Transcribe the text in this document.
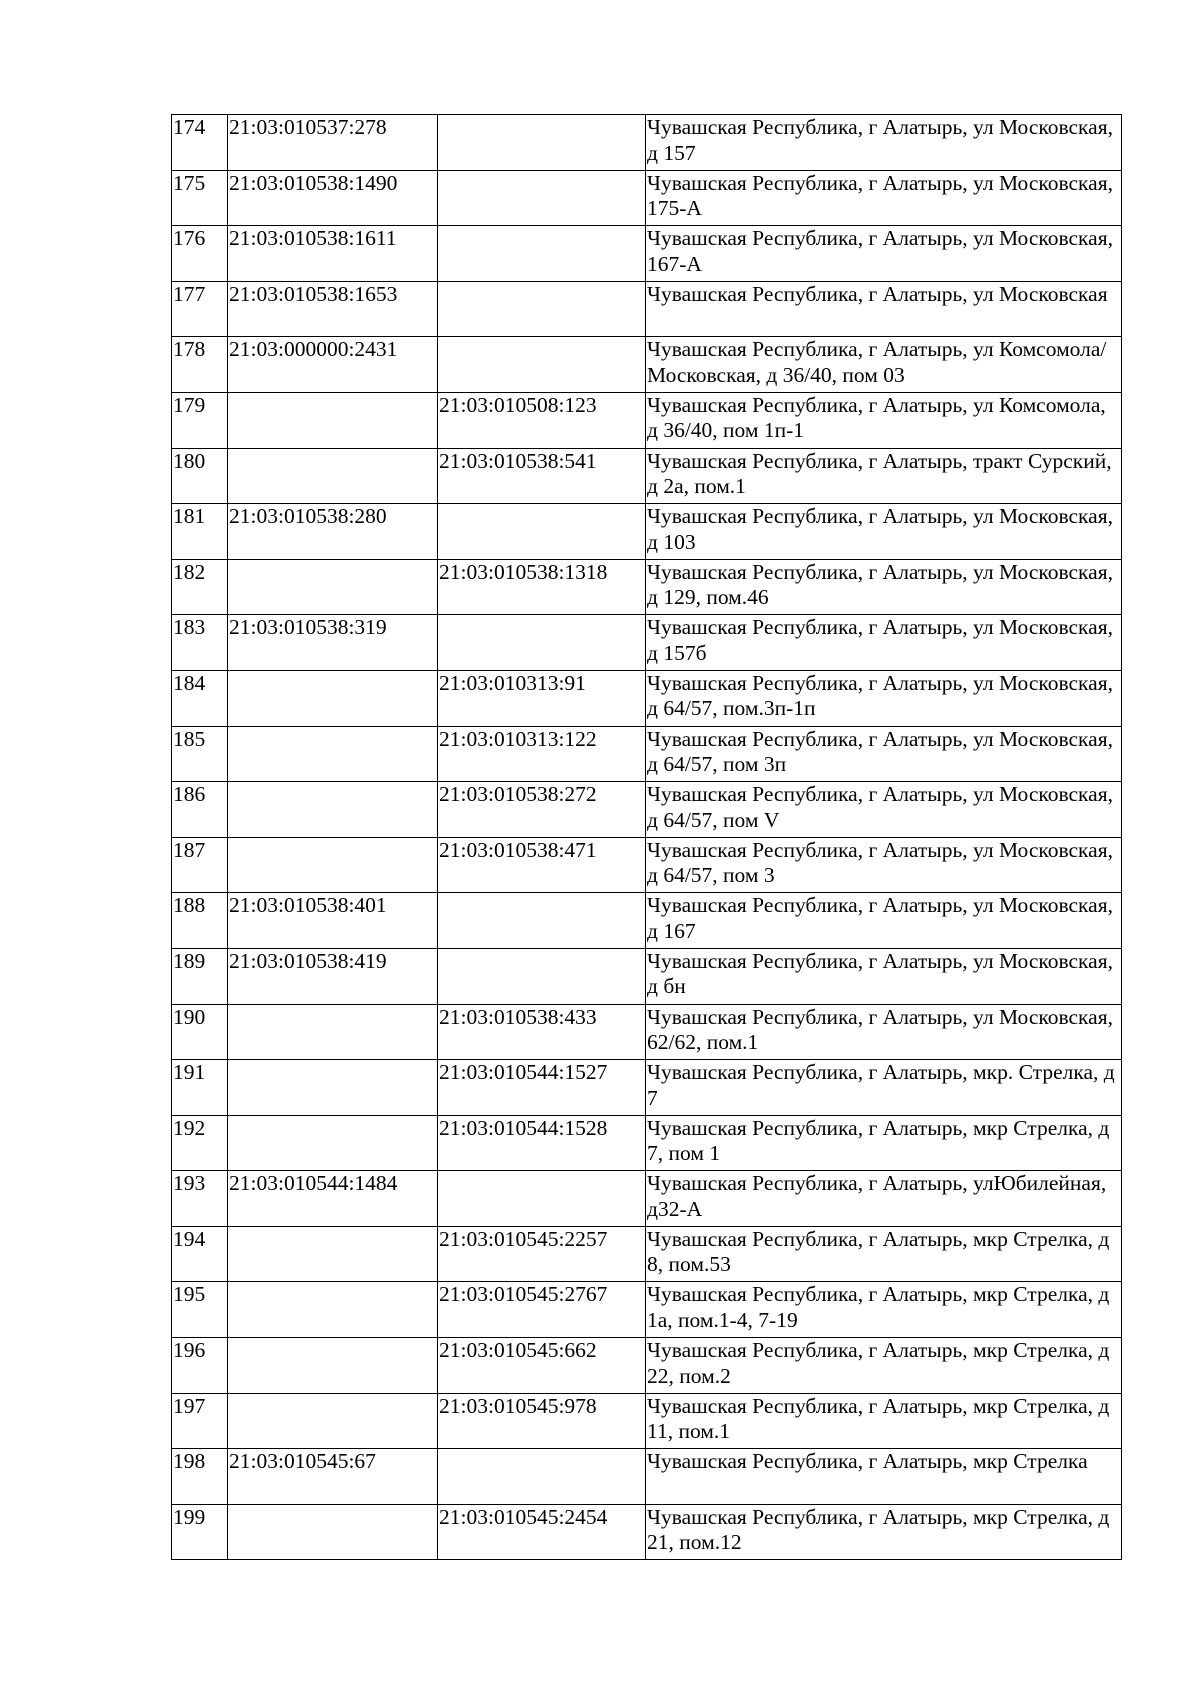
174	21:03:010537:278		Чувашская Республика, г Алатырь, ул Московская, д 157
175	21:03:010538:1490		Чувашская Республика, г Алатырь, ул Московская, 175-А
176	21:03:010538:1611		Чувашская Республика, г Алатырь, ул Московская, 167-А
177	21:03:010538:1653		Чувашская Республика, г Алатырь, ул Московская
178	21:03:000000:2431		Чувашская Республика, г Алатырь, ул Комсомола/Московская, д 36/40, пом 03
179		21:03:010508:123	Чувашская Республика, г Алатырь, ул Комсомола, д 36/40, пом 1п-1
180		21:03:010538:541	Чувашская Республика, г Алатырь, тракт Сурский, д 2а, пом.1
181	21:03:010538:280		Чувашская Республика, г Алатырь, ул Московская, д 103
182		21:03:010538:1318	Чувашская Республика, г Алатырь, ул Московская, д 129, пом.46
183	21:03:010538:319		Чувашская Республика, г Алатырь, ул Московская, д 157б
184		21:03:010313:91	Чувашская Республика, г Алатырь, ул Московская, д 64/57, пом.3п-1п
185		21:03:010313:122	Чувашская Республика, г Алатырь, ул Московская, д 64/57, пом 3п
186		21:03:010538:272	Чувашская Республика, г Алатырь, ул Московская, д 64/57, пом V
187		21:03:010538:471	Чувашская Республика, г Алатырь, ул Московская, д 64/57, пом 3
188	21:03:010538:401		Чувашская Республика, г Алатырь, ул Московская, д 167
189	21:03:010538:419		Чувашская Республика, г Алатырь, ул Московская, д бн
190		21:03:010538:433	Чувашская Республика, г Алатырь, ул Московская, 62/62, пом.1
191		21:03:010544:1527	Чувашская Республика, г Алатырь, мкр. Стрелка, д 7
192		21:03:010544:1528	Чувашская Республика, г Алатырь, мкр Стрелка, д 7, пом 1
193	21:03:010544:1484		Чувашская Республика, г Алатырь, улЮбилейная, д32-А
194		21:03:010545:2257	Чувашская Республика, г Алатырь, мкр Стрелка, д 8, пом.53
195		21:03:010545:2767	Чувашская Республика, г Алатырь, мкр Стрелка, д 1а, пом.1-4, 7-19
196		21:03:010545:662	Чувашская Республика, г Алатырь, мкр Стрелка, д 22, пом.2
197		21:03:010545:978	Чувашская Республика, г Алатырь, мкр Стрелка, д 11, пом.1
198	21:03:010545:67		Чувашская Республика, г Алатырь, мкр Стрелка
199		21:03:010545:2454	Чувашская Республика, г Алатырь, мкр Стрелка, д 21, пом.12
